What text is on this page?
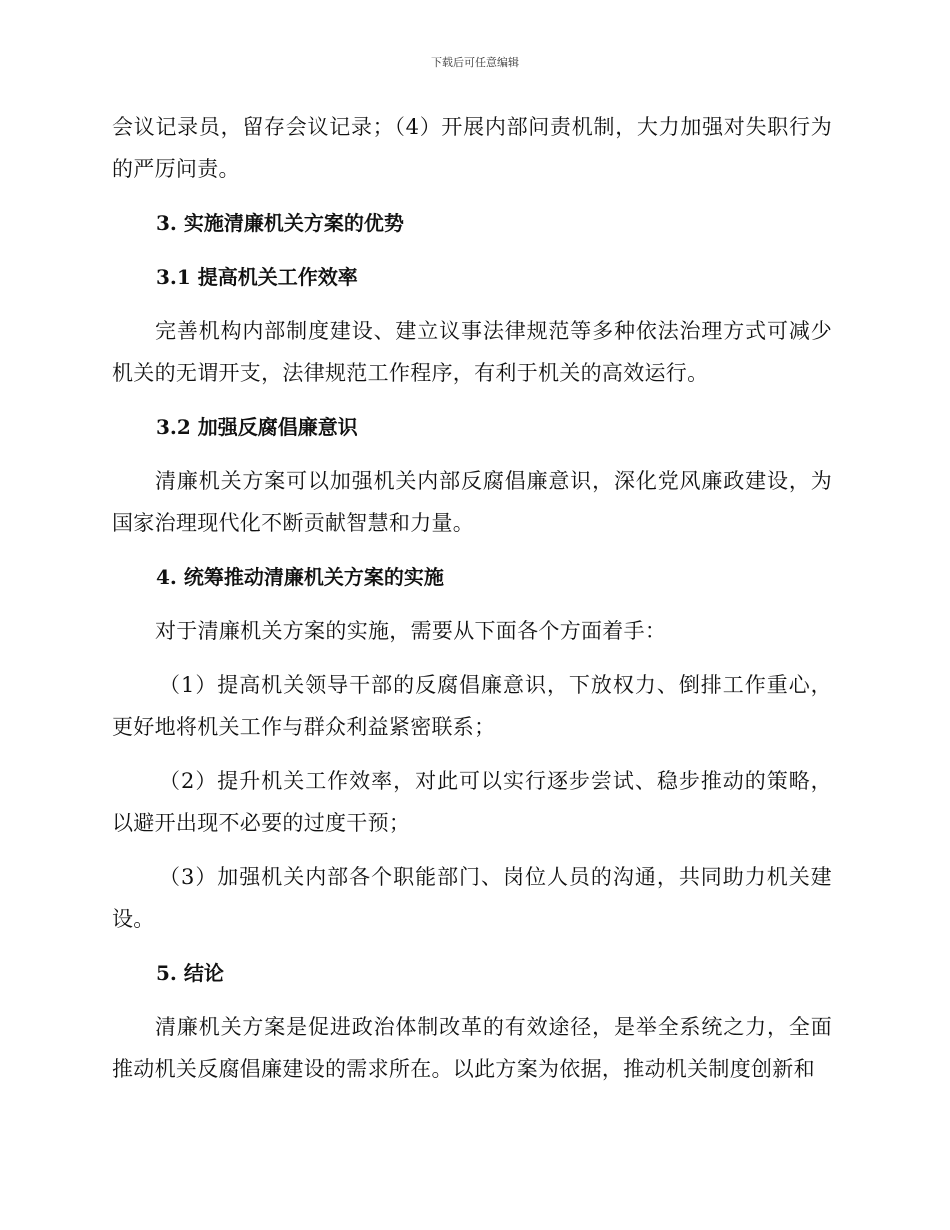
下载后可任意编辑

会议记录员，留存会议记录；（4）开展内部问责机制，大力加强对失职行为的严厉问责。

3. 实施清廉机关方案的优势

3.1 提高机关工作效率

完善机构内部制度建设、建立议事法律规范等多种依法治理方式可减少机关的无谓开支，法律规范工作程序，有利于机关的高效运行。

3.2 加强反腐倡廉意识

清廉机关方案可以加强机关内部反腐倡廉意识，深化党风廉政建设，为国家治理现代化不断贡献智慧和力量。

4. 统筹推动清廉机关方案的实施

对于清廉机关方案的实施，需要从下面各个方面着手：

（1）提高机关领导干部的反腐倡廉意识，下放权力、倒排工作重心，更好地将机关工作与群众利益紧密联系；

（2）提升机关工作效率，对此可以实行逐步尝试、稳步推动的策略，以避开出现不必要的过度干预；

（3）加强机关内部各个职能部门、岗位人员的沟通，共同助力机关建设。

5. 结论

清廉机关方案是促进政治体制改革的有效途径，是举全系统之力，全面推动机关反腐倡廉建设的需求所在。以此方案为依据，推动机关制度创新和
